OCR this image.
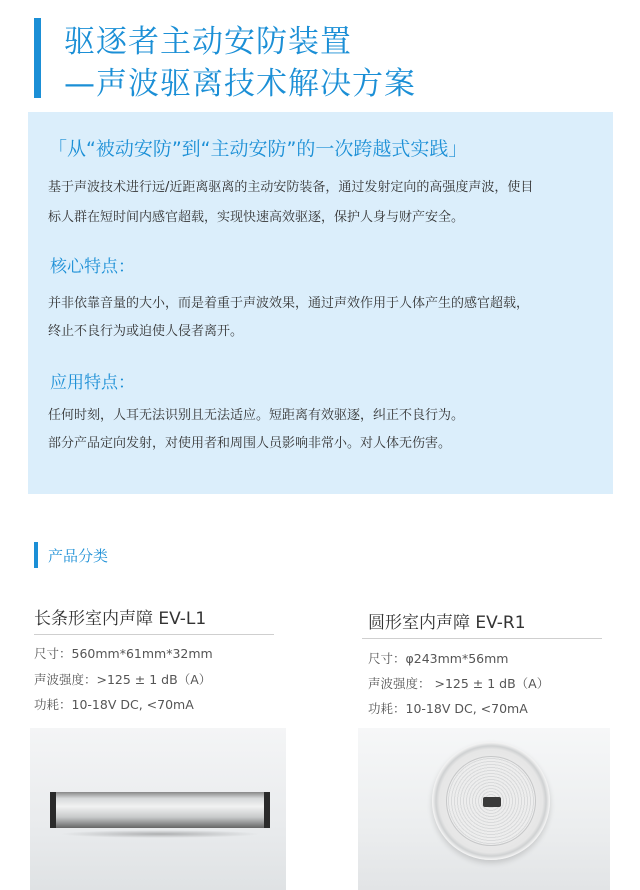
驱逐者主动安防装置
—声波驱离技术解决方案
「从“被动安防”到“主动安防”的一次跨越式实践」
基于声波技术进行远/近距离驱离的主动安防装备，通过发射定向的高强度声波，使目
标人群在短时间内感官超载，实现快速高效驱逐，保护人身与财产安全。
核心特点：
并非依靠音量的大小，而是着重于声波效果，通过声效作用于人体产生的感官超载，
终止不良行为或迫使人侵者离开。
应用特点：
任何时刻，人耳无法识别且无法适应。短距离有效驱逐，纠正不良行为。
部分产品定向发射，对使用者和周围人员影响非常小。对人体无伤害。
产品分类
长条形室内声障 EV-L1
尺寸：560mm*61mm*32mm
声波强度：>125 ± 1 dB（A）
功耗：10-18V DC, <70mA
圆形室内声障 EV-R1
尺寸：φ243mm*56mm
声波强度： >125 ± 1 dB（A）
功耗：10-18V DC, <70mA
